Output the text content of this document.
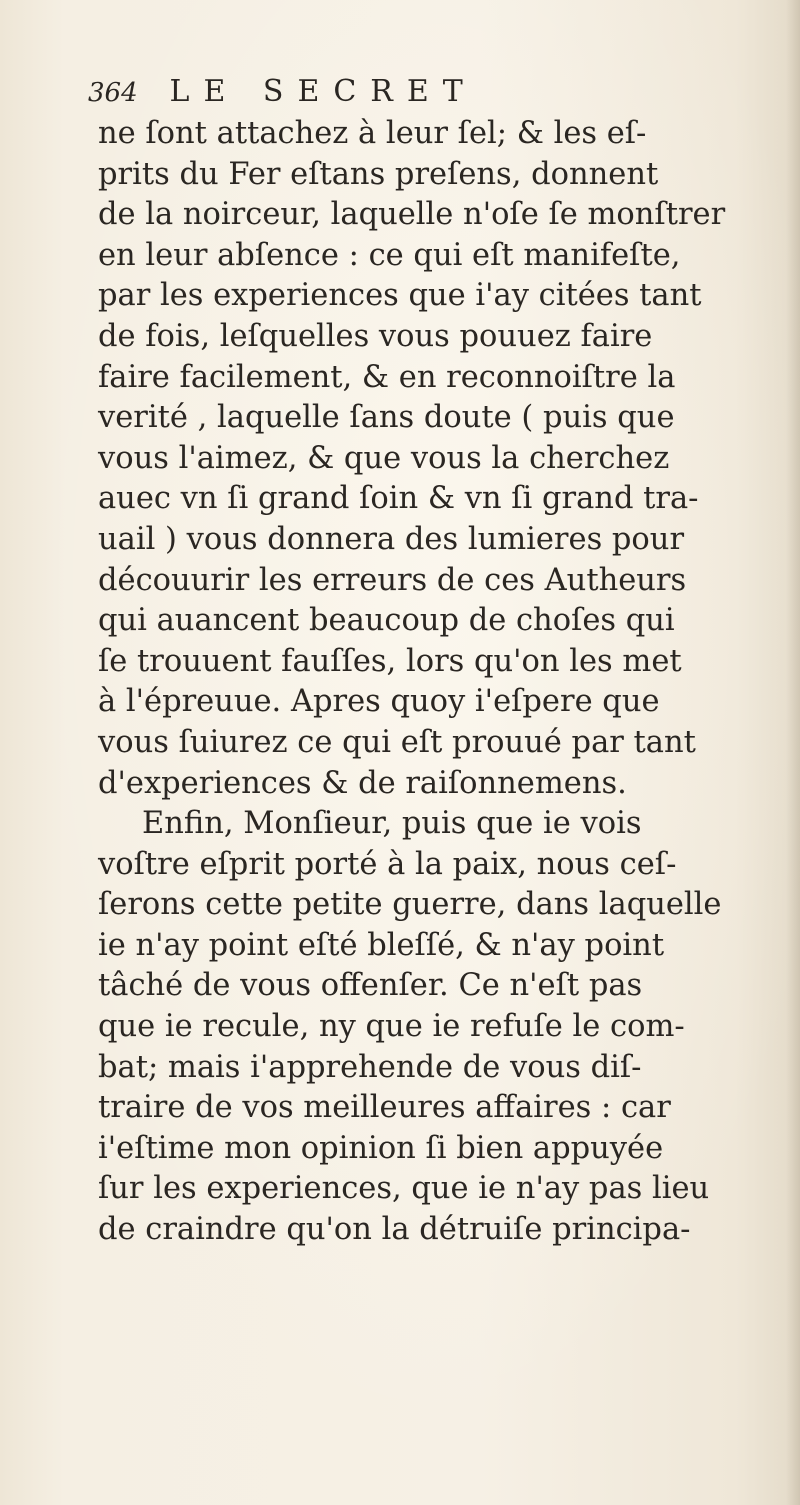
364 LE SECRET
ne ſont attachez à leur ſel; & les eſ-
prits du Fer eſtans preſens, donnent
de la noirceur, laquelle n'oſe ſe monſtrer
en leur abſence : ce qui eſt manifeſte,
par les experiences que i'ay citées tant
de fois, leſquelles vous pouuez faire
faire facilement, & en reconnoiſtre la
verité , laquelle ſans doute ( puis que
vous l'aimez, & que vous la cherchez
auec vn ſi grand ſoin & vn ſi grand tra-
uail ) vous donnera des lumieres pour
découurir les erreurs de ces Autheurs
qui auancent beaucoup de choſes qui
ſe trouuent fauſſes, lors qu'on les met
à l'épreuue. Apres quoy i'eſpere que
vous ſuiurez ce qui eſt prouué par tant
d'experiences & de raiſonnemens.
Enfin, Monſieur, puis que ie vois
voſtre eſprit porté à la paix, nous ceſ-
ſerons cette petite guerre, dans laquelle
ie n'ay point eſté bleſſé, & n'ay point
tâché de vous offenſer. Ce n'eſt pas
que ie recule, ny que ie refuſe le com-
bat; mais i'apprehende de vous diſ-
traire de vos meilleures affaires : car
i'eſtime mon opinion ſi bien appuyée
ſur les experiences, que ie n'ay pas lieu
de craindre qu'on la détruiſe principa-
